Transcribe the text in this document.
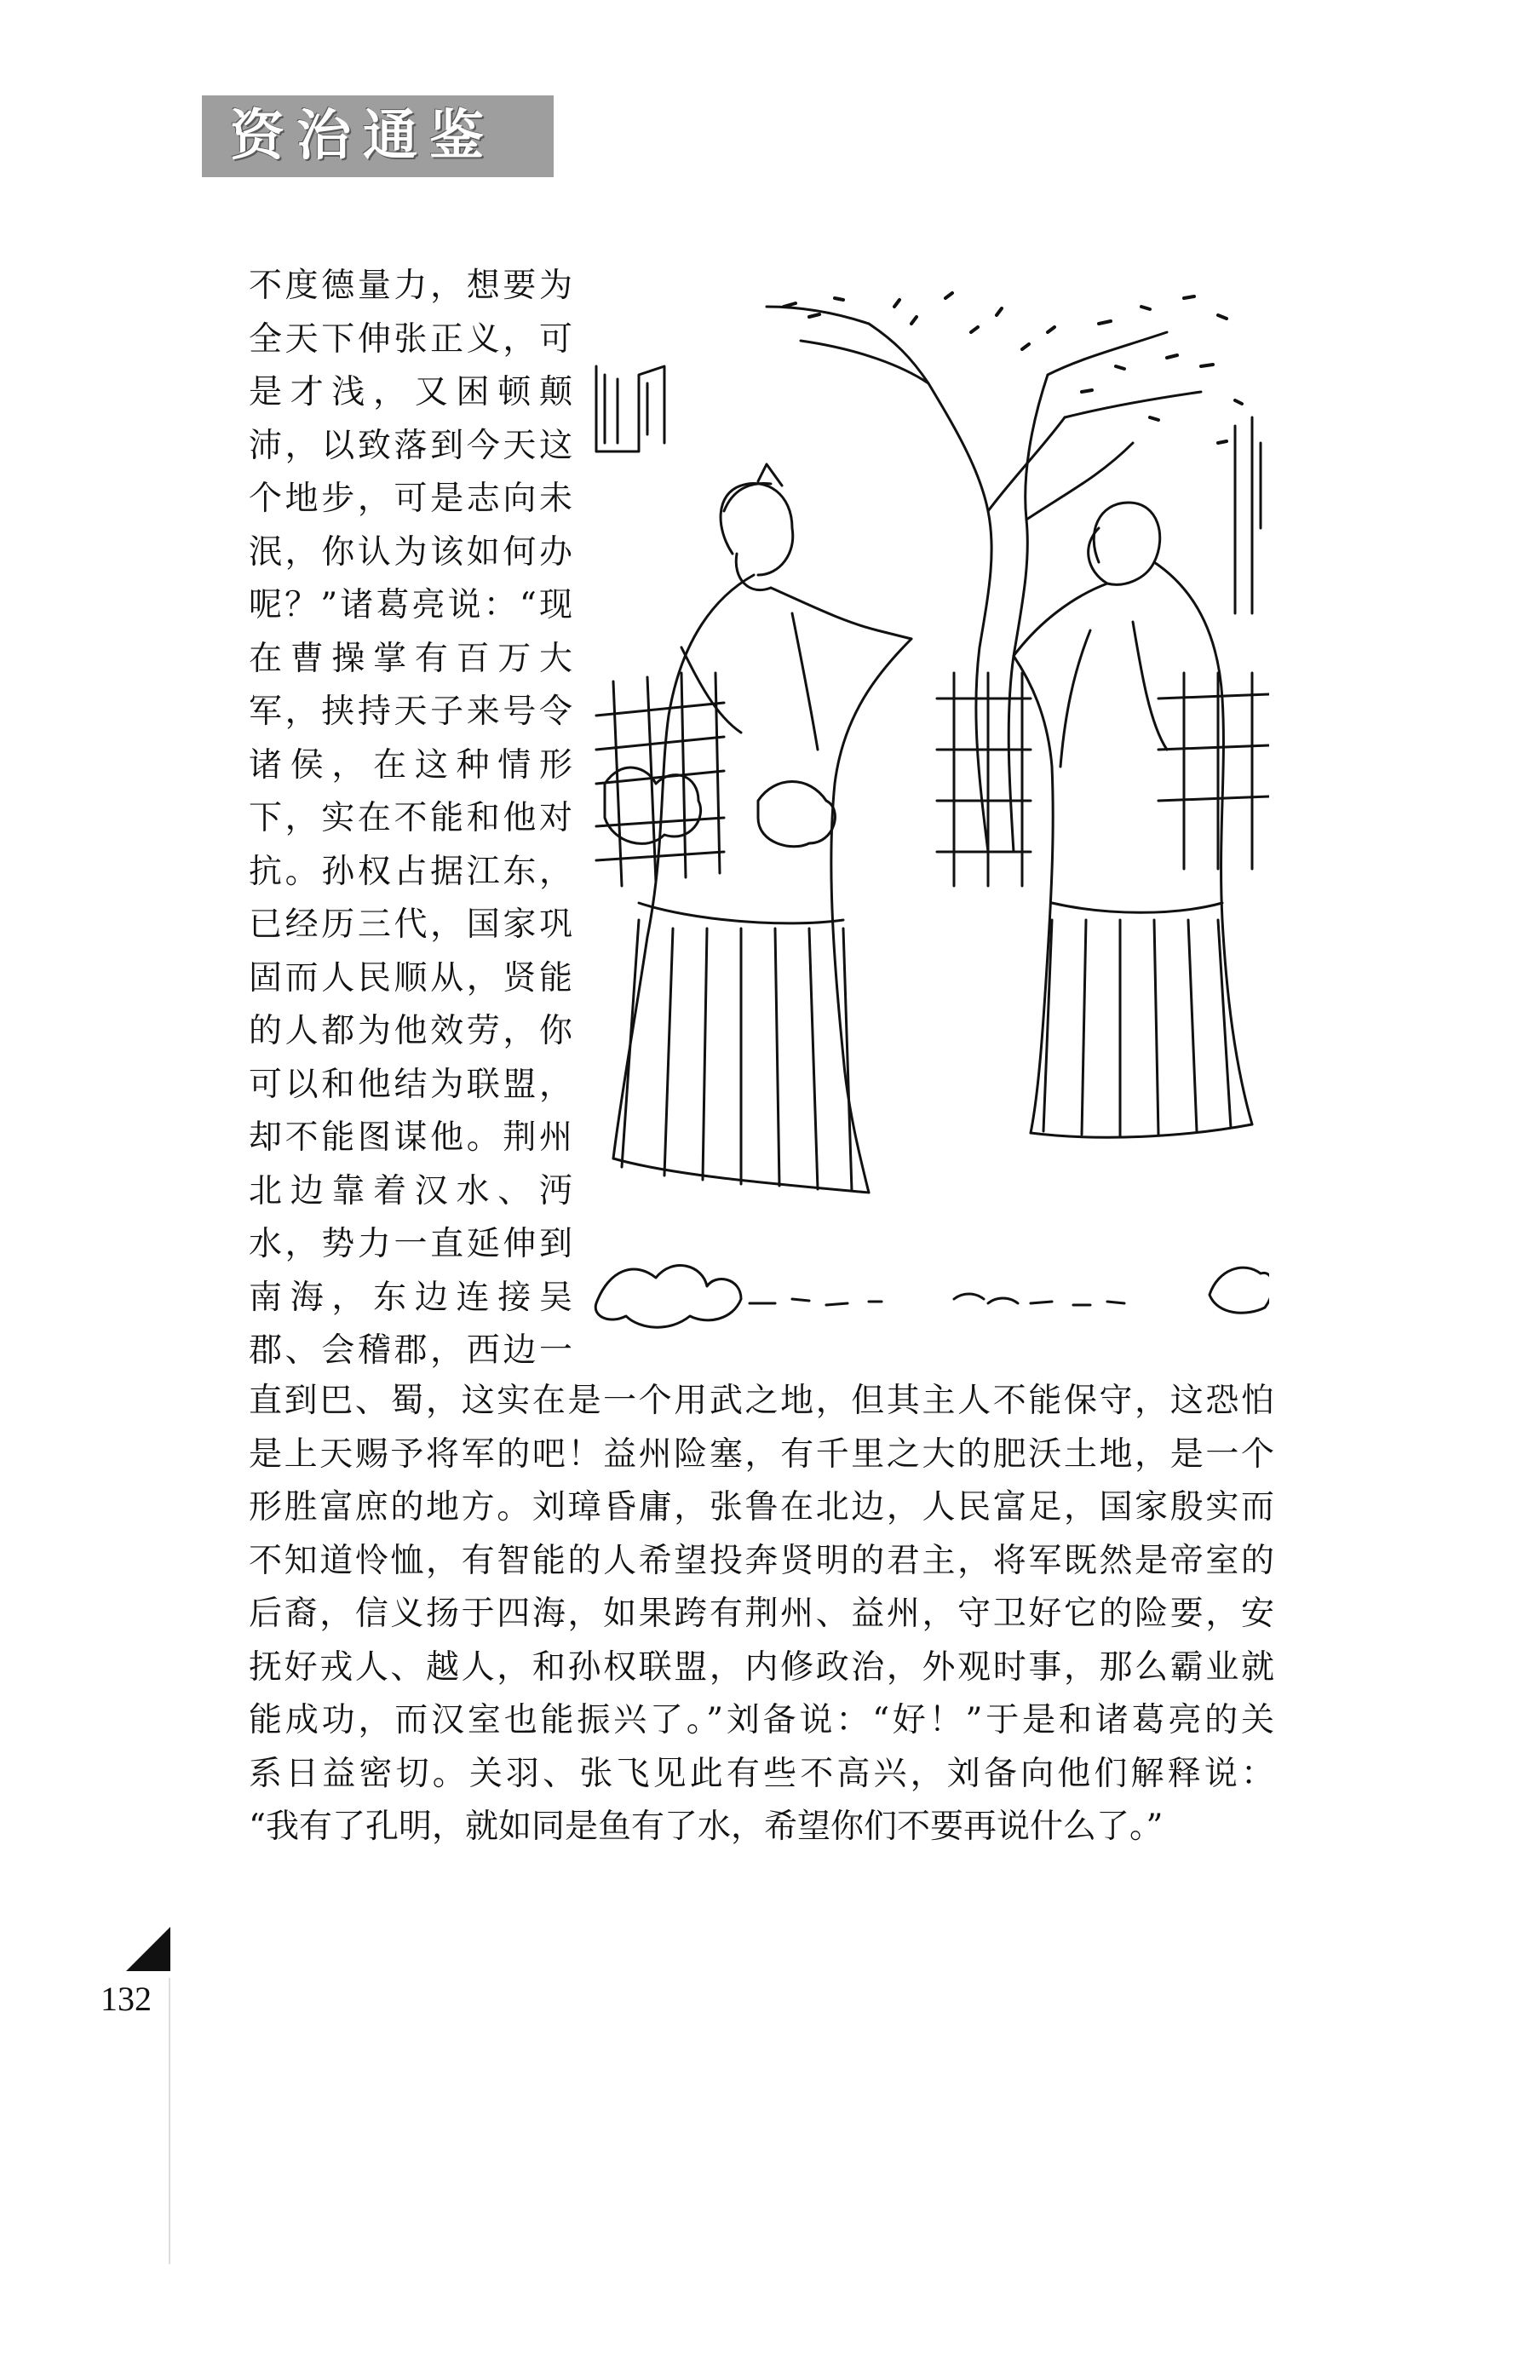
资治通鉴
不度德量力，想要为
全天下伸张正义，可
是才浅，又困顿颠
沛，以致落到今天这
个地步，可是志向未
泯，你认为该如何办
呢？”诸葛亮说：“现
在曹操掌有百万大
军，挟持天子来号令
诸侯，在这种情形
下，实在不能和他对
抗。孙权占据江东，
已经历三代，国家巩
固而人民顺从，贤能
的人都为他效劳，你
可以和他结为联盟，
却不能图谋他。荆州
北边靠着汉水、沔
水，势力一直延伸到
南海，东边连接吴
郡、会稽郡，西边一
直到巴、蜀，这实在是一个用武之地，但其主人不能保守，这恐怕
是上天赐予将军的吧！益州险塞，有千里之大的肥沃土地，是一个
形胜富庶的地方。刘璋昏庸，张鲁在北边，人民富足，国家殷实而
不知道怜恤，有智能的人希望投奔贤明的君主，将军既然是帝室的
后裔，信义扬于四海，如果跨有荆州、益州，守卫好它的险要，安
抚好戎人、越人，和孙权联盟，内修政治，外观时事，那么霸业就
能成功，而汉室也能振兴了。”刘备说：“好！”于是和诸葛亮的关
系日益密切。关羽、张飞见此有些不高兴，刘备向他们解释说：
“我有了孔明，就如同是鱼有了水，希望你们不要再说什么了。”
132
